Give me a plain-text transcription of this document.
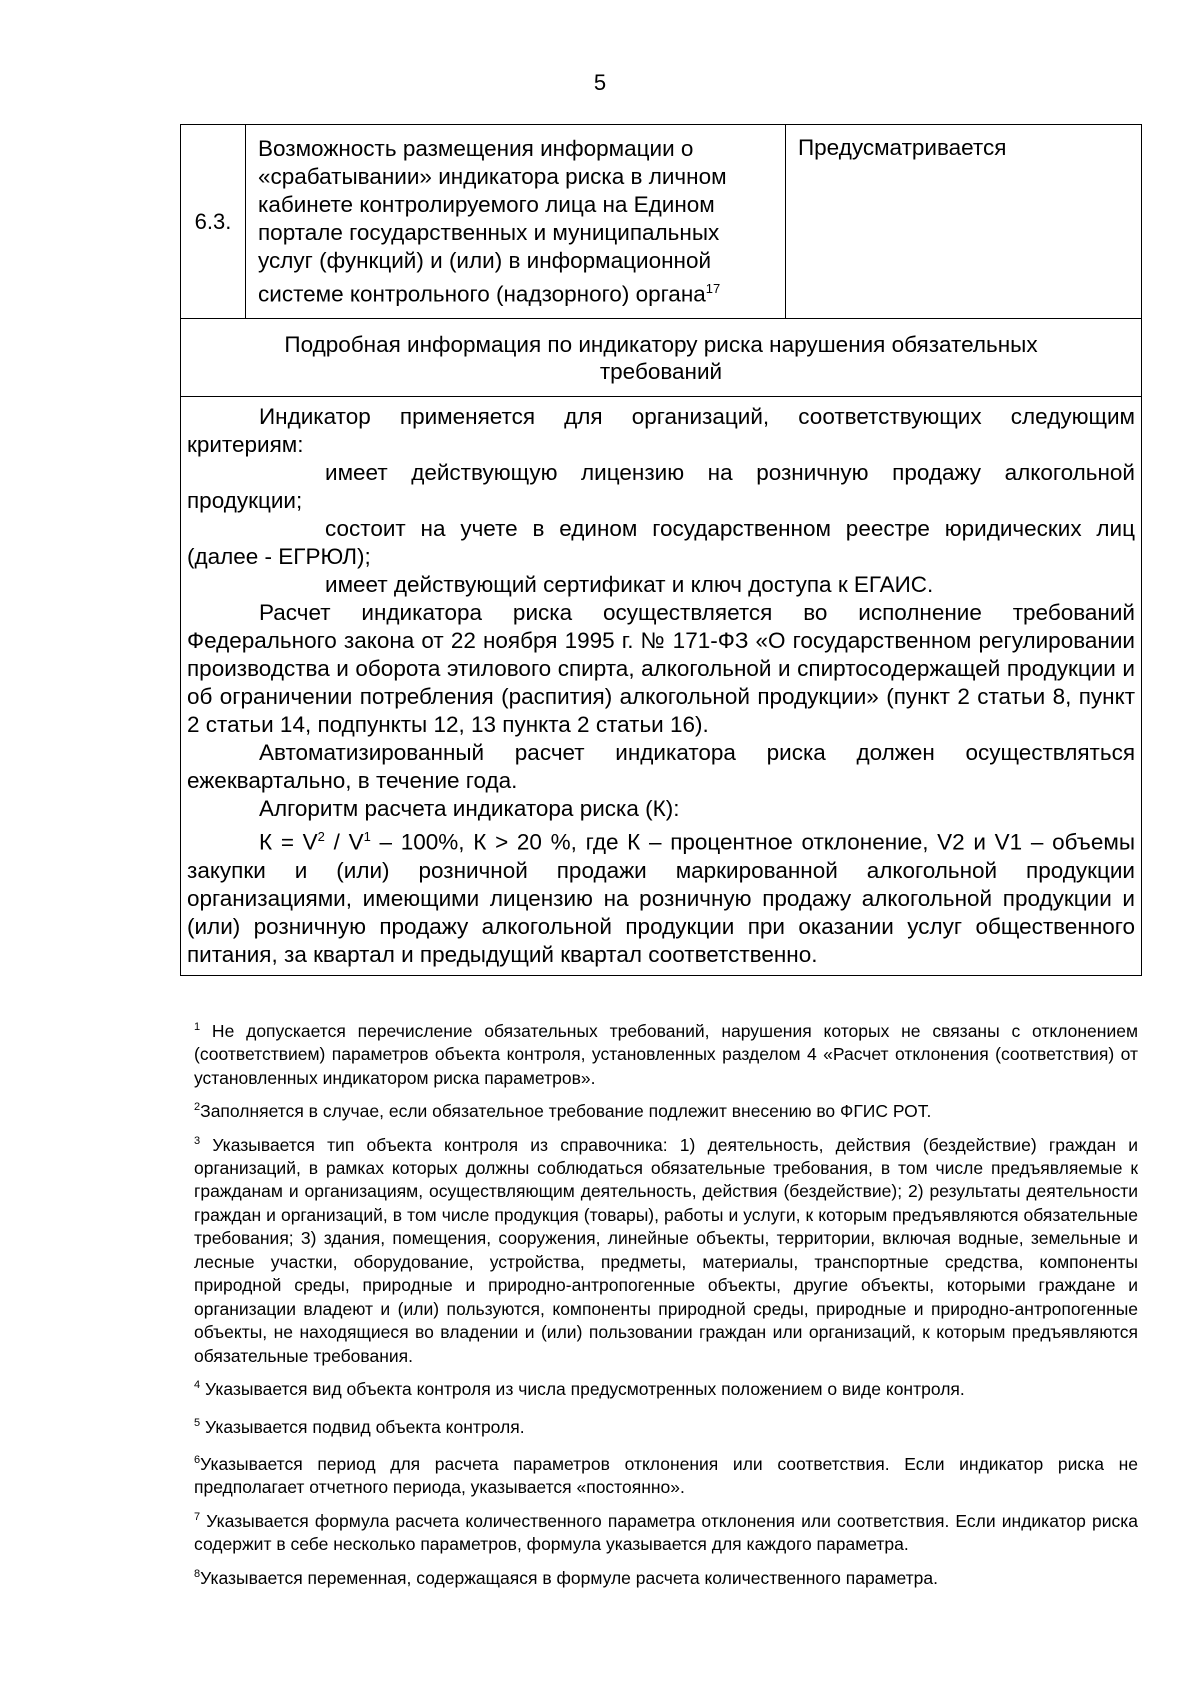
5
6.3.
Возможность размещения информации о «срабатывании» индикатора риска в личном кабинете контролируемого лица на Едином портале государственных и муниципальных услуг (функций) и (или) в информационной системе контрольного (надзорного) органа$^{17}$
Предусматривается
Подробная информация по индикатору риска нарушения обязательных требований

Индикатор применяется для организаций, соответствующих следующим критериям:

имеет действующую лицензию на розничную продажу алкогольной продукции;

состоит на учете в едином государственном реестре юридических лиц (далее - ЕГРЮЛ);

имеет действующий сертификат и ключ доступа к ЕГАИС.

Расчет индикатора риска осуществляется во исполнение требований Федерального закона от 22 ноября 1995 г. № 171-ФЗ «О государственном регулировании производства и оборота этилового спирта, алкогольной и спиртосодержащей продукции и об ограничении потребления (распития) алкогольной продукции» (пункт 2 статьи 8, пункт 2 статьи 14, подпункты 12, 13 пункта 2 статьи 16).

Автоматизированный расчет индикатора риска должен осуществляться ежеквартально, в течение года.

Алгоритм расчета индикатора риска (К):

$К = V^2 / V^1 - 100\%$, К > 20 %, где К – процентное отклонение, V2 и V1 – объемы закупки и (или) розничной продажи маркированной алкогольной продукции организациями, имеющими лицензию на розничную продажу алкогольной продукции и (или) розничную продажу алкогольной продукции при оказании услуг общественного питания, за квартал и предыдущий квартал соответственно.

$^1$ Не допускается перечисление обязательных требований, нарушения которых не связаны с отклонением (соответствием) параметров объекта контроля, установленных разделом 4 «Расчет отклонения (соответствия) от установленных индикатором риска параметров».

$^2$Заполняется в случае, если обязательное требование подлежит внесению во ФГИС РОТ.

$^3$ Указывается тип объекта контроля из справочника: 1) деятельность, действия (бездействие) граждан и организаций, в рамках которых должны соблюдаться обязательные требования, в том числе предъявляемые к гражданам и организациям, осуществляющим деятельность, действия (бездействие); 2) результаты деятельности граждан и организаций, в том числе продукция (товары), работы и услуги, к которым предъявляются обязательные требования; 3) здания, помещения, сооружения, линейные объекты, территории, включая водные, земельные и лесные участки, оборудование, устройства, предметы, материалы, транспортные средства, компоненты природной среды, природные и природно-антропогенные объекты, другие объекты, которыми граждане и организации владеют и (или) пользуются, компоненты природной среды, природные и природно-антропогенные объекты, не находящиеся во владении и (или) пользовании граждан или организаций, к которым предъявляются обязательные требования.

$^4$ Указывается вид объекта контроля из числа предусмотренных положением о виде контроля.

$^5$ Указывается подвид объекта контроля.

$^6$Указывается период для расчета параметров отклонения или соответствия. Если индикатор риска не предполагает отчетного периода, указывается «постоянно».

$^7$ Указывается формула расчета количественного параметра отклонения или соответствия. Если индикатор риска содержит в себе несколько параметров, формула указывается для каждого параметра.

$^8$Указывается переменная, содержащаяся в формуле расчета количественного параметра.
